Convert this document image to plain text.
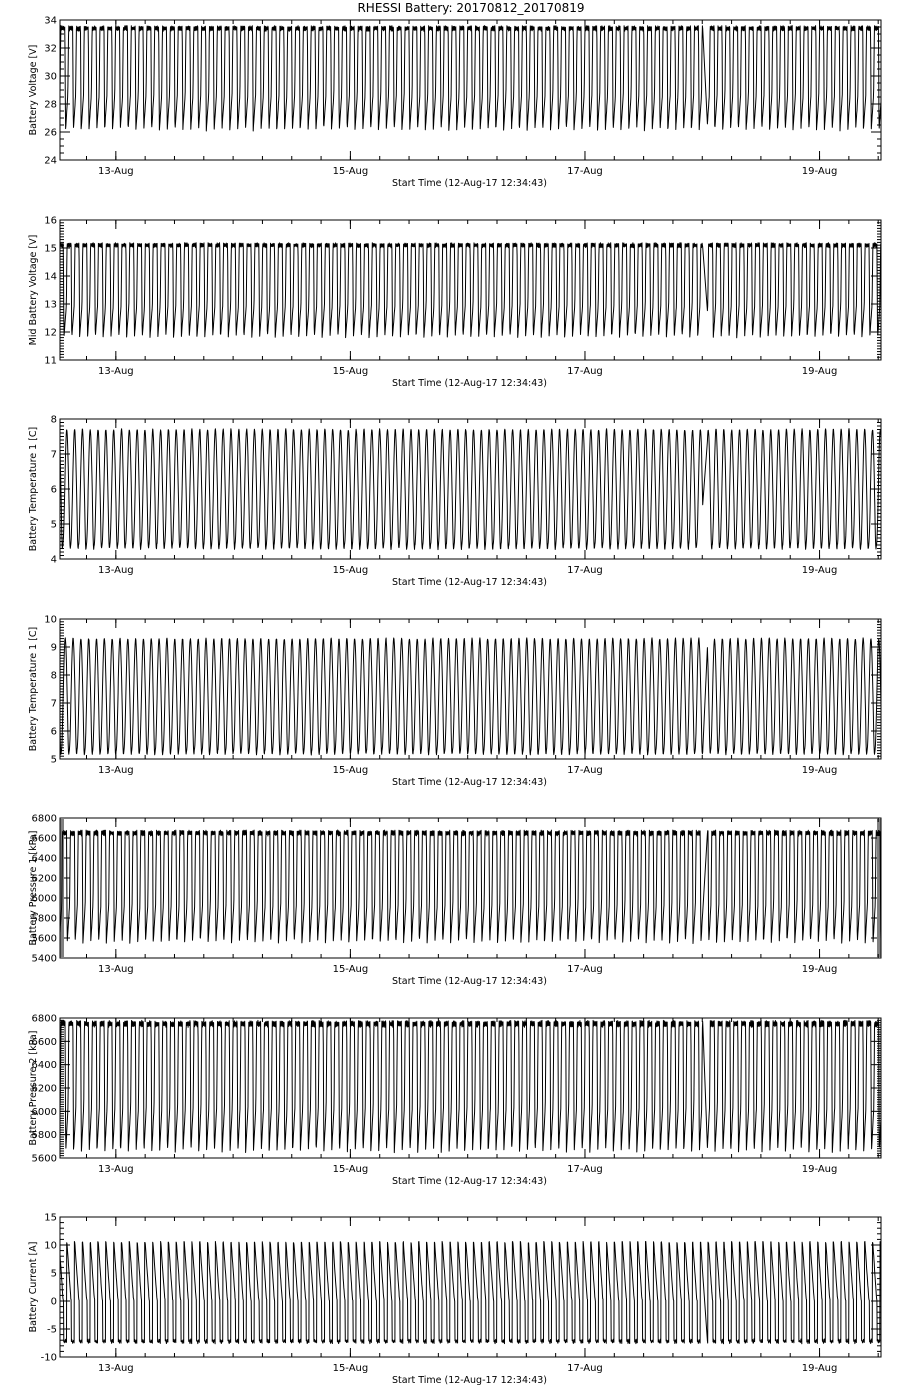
RHESSI Battery: 20170812_20170819
24
26
28
30
32
34
13-Aug	15-Aug	17-Aug	19-Aug
Start Time (12-Aug-17 12:34:43)
Battery Voltage [V]
11
12
13
14
15
16
13-Aug	15-Aug	17-Aug	19-Aug
Start Time (12-Aug-17 12:34:43)
Mid Battery Voltage [V]
4
5
6
7
8
13-Aug	15-Aug	17-Aug	19-Aug
Start Time (12-Aug-17 12:34:43)
Battery Temperature 1 [C]
5
6
7
8
9
10
13-Aug	15-Aug	17-Aug	19-Aug
Start Time (12-Aug-17 12:34:43)
Battery Temperature 1 [C]
5400
5600
5800
6000
6200
6400
6600
6800
13-Aug	15-Aug	17-Aug	19-Aug
Start Time (12-Aug-17 12:34:43)
Battery Pressure 1 [kPa]
5600
5800
6000
6200
6400
6600
6800
13-Aug	15-Aug	17-Aug	19-Aug
Start Time (12-Aug-17 12:34:43)
Battery Pressure 2 [kPa]
-10
-5
0
5
10
15
13-Aug	15-Aug	17-Aug	19-Aug
Start Time (12-Aug-17 12:34:43)
Battery Current [A]
